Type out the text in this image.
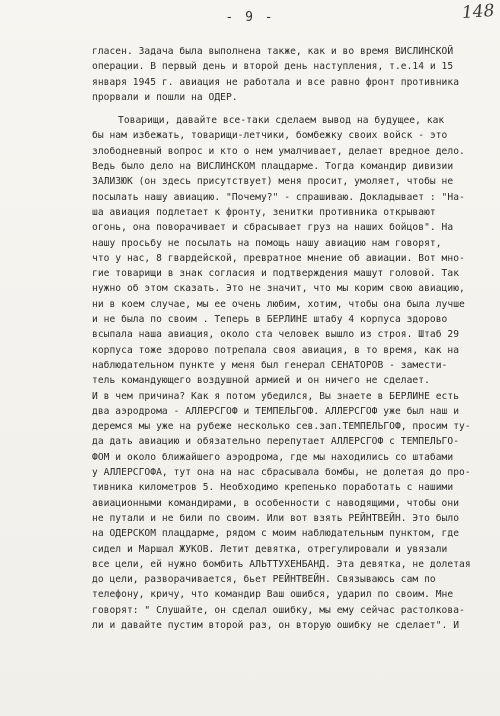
- 9 -	148
гласен. Задача была выполнена также, как и во время ВИСЛИНСКОЙ
операции. В первый день и второй день наступления, т.е.14 и 15
января 1945 г. авиация не работала и все равно фронт противника
прорвали и пошли на ОДЕР.
Товарищи, давайте все-таки сделаем вывод на будущее, как
бы нам избежать, товарищи-летчики, бомбежку своих войск - это
злободневный вопрос и кто о нем умалчивает, делает вредное дело.
Ведь было дело на ВИСЛИНСКОМ плацдарме. Тогда командир дивизии
ЗАЛИЗЮК (он здесь присутствует) меня просит, умоляет, чтобы не
посылать нашу авиацию. "Почему?" - спрашиваю. Докладывает : "На-
ша авиация подлетает к фронту, зенитки противника открывают
огонь, она поворачивает и сбрасывает груз на наших бойцов". На
нашу просьбу не посылать на помощь нашу авиацию нам говорят,
что у нас, 8 гвардейской, превратное мнение об авиации. Вот мно-
гие товарищи в знак согласия и подтверждения машут головой. Так
нужно об этом сказать. Это не значит, что мы корим свою авиацию,
ни в коем случае, мы ее очень любим, хотим, чтобы она была лучше
и не была по своим . Теперь в БЕРЛИНЕ штабу 4 корпуса здорово
всыпала наша авиация, около ста человек вышло из строя. Штаб 29
корпуса тоже здорово потрепала своя авиация, в то время, как на
наблюдательном пункте у меня был генерал СЕНАТОРОВ - замести-
тель командующего воздушной армией и он ничего не сделает.
И в чем причина? Как я потом убедился, Вы знаете в БЕРЛИНЕ есть
два аэродрома - АЛЛЕРСГОФ и ТЕМПЕЛЬГОФ. АЛЛЕРСГОФ уже был наш и
деремся мы уже на рубеже несколько сев.зап.ТЕМПЕЛЬГОФ, просим ту-
да дать авиацию и обязательно перепутает АЛЛЕРСГОФ с ТЕМПЕЛЬГО-
ФОМ и около ближайшего аэродрома, где мы находились со штабами
у АЛЛЕРСГОФА, тут она на нас сбрасывала бомбы, не долетая до про-
тивника километров 5. Необходимо крепенько поработать с нашими
авиационными командирами, в особенности с наводящими, чтобы они
не путали и не били по своим. Или вот взять РЕЙНТВЕЙН. Это было
на ОДЕРСКОМ плацдарме, рядом с моим наблюдательным пунктом, где
сидел и Маршал ЖУКОВ. Летит девятка, отрегулировали и увязали
все цели, ей нужно бомбить АЛЬТТУХЕНБАНД. Эта девятка, не долетая
до цели, разворачивается, бьет РЕЙНТВЕЙН. Связываюсь сам по
телефону, кричу, что командир Ваш ошибся, ударил по своим. Мне
говорят: " Слушайте, он сделал ошибку, мы ему сейчас растолкова-
ли и давайте пустим второй раз, он вторую ошибку не сделает". И
